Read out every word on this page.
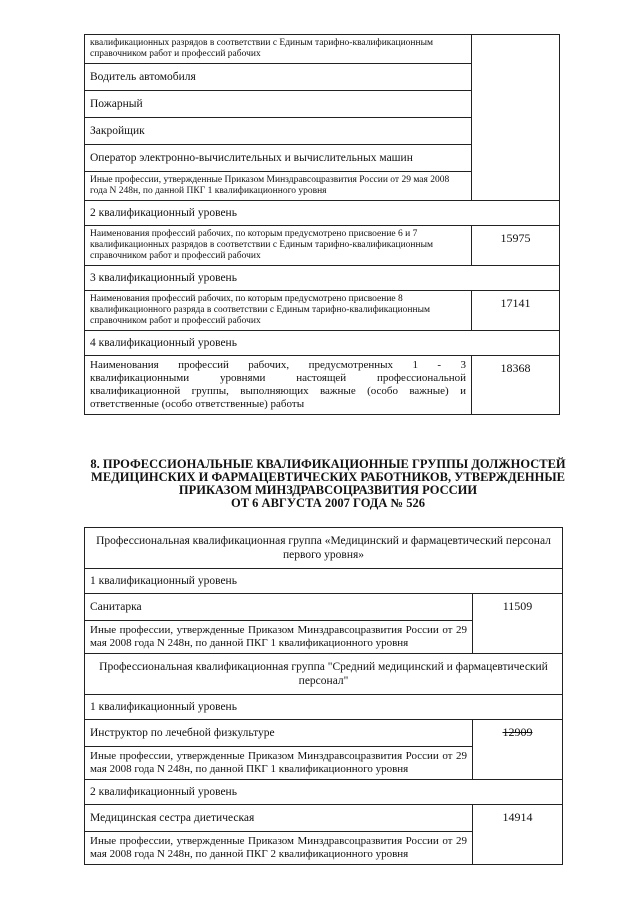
квалификационных разрядов в соответствии с Единым тарифно-квалификационным справочником работ и профессий рабочих	
Водитель автомобиля	
Пожарный	
Закройщик	
Оператор электронно-вычислительных и вычислительных машин	
Иные профессии, утвержденные Приказом Минздравсоцразвития России от 29 мая 2008 года N 248н, по данной ПКГ 1 квалификационного уровня	
2 квалификационный уровень	
Наименования профессий рабочих, по которым предусмотрено присвоение 6 и 7 квалификационных разрядов в соответствии с Единым тарифно-квалификационным справочником работ и профессий рабочих	15975
3 квалификационный уровень	
Наименования профессий рабочих, по которым предусмотрено присвоение 8 квалификационного разряда в соответствии с Единым тарифно-квалификационным справочником работ и профессий рабочих	17141
4 квалификационный уровень	
Наименования профессий рабочих, предусмотренных 1 - 3 квалификационными уровнями настоящей профессиональной квалификационной группы, выполняющих важные (особо важные) и ответственные (особо ответственные) работы	18368
8. ПРОФЕССИОНАЛЬНЫЕ КВАЛИФИКАЦИОННЫЕ ГРУППЫ ДОЛЖНОСТЕЙ
МЕДИЦИНСКИХ И ФАРМАЦЕВТИЧЕСКИХ РАБОТНИКОВ, УТВЕРЖДЕННЫЕ
ПРИКАЗОМ МИНЗДРАВСОЦРАЗВИТИЯ РОССИИ
ОТ 6 АВГУСТА 2007 ГОДА № 526
Профессиональная квалификационная группа «Медицинский и фармацевтический персонал первого уровня»	
1 квалификационный уровень	
Санитарка	11509
Иные профессии, утвержденные Приказом Минздравсоцразвития России от 29 мая 2008 года N 248н, по данной ПКГ 1 квалификационного уровня	
Профессиональная квалификационная группа "Средний медицинский и фармацевтический персонал"	
1 квалификационный уровень	
Инструктор по лечебной физкультуре	12909
Иные профессии, утвержденные Приказом Минздравсоцразвития России от 29 мая 2008 года N 248н, по данной ПКГ 1 квалификационного уровня	
2 квалификационный уровень	
Медицинская сестра диетическая	14914
Иные профессии, утвержденные Приказом Минздравсоцразвития России от 29 мая 2008 года N 248н, по данной ПКГ 2 квалификационного уровня	
